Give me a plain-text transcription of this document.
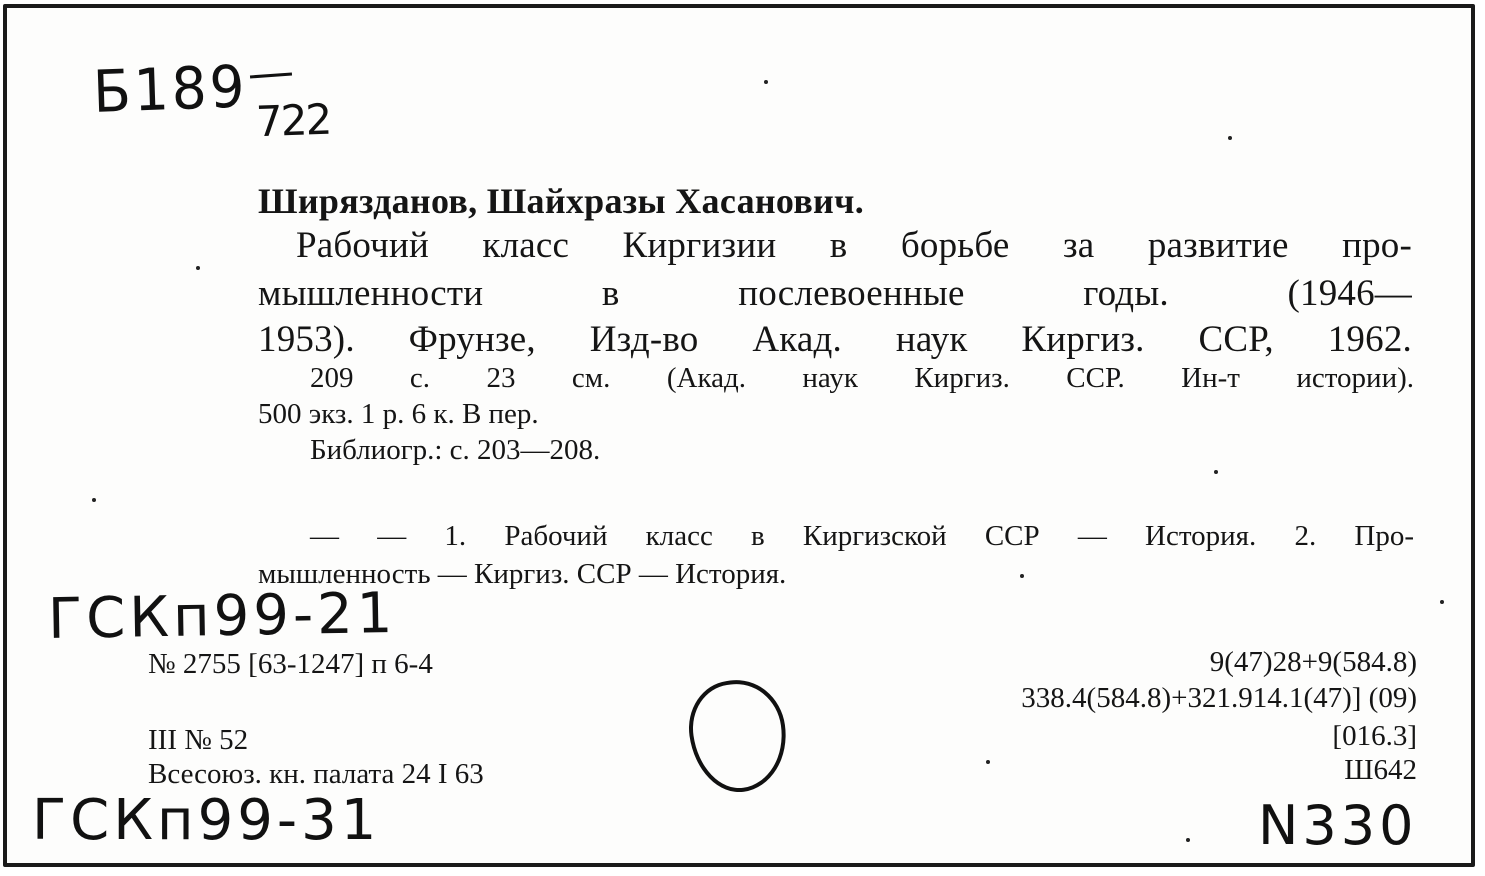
Б189 722
Ширяздaнов, Шайхразы Хасанович.
Рабочий класс Киргизии в борьбе за развитие про-
мышленности в послевоенные годы. (1946—
1953). Фрунзе, Изд-во Акад. наук Киргиз. ССР, 1962.
209 с. 23 см. (Акад. наук Киргиз. ССР. Ин-т истории).
500 экз. 1 р. 6 к. В пер.
Библиогр.: с. 203—208.
— — 1. Рабочий класс в Киргизской ССР — История. 2. Про-
мышленность — Киргиз. ССР — История.
ГСКп99-21
ГСКп99-31	N330
№ 2755 [63-1247] п 6-4
III № 52
Всесоюз. кн. палата 24 I 63
9(47)28+9(584.8)
338.4(584.8)+321.914.1(47)] (09)
[016.3]
Ш642
